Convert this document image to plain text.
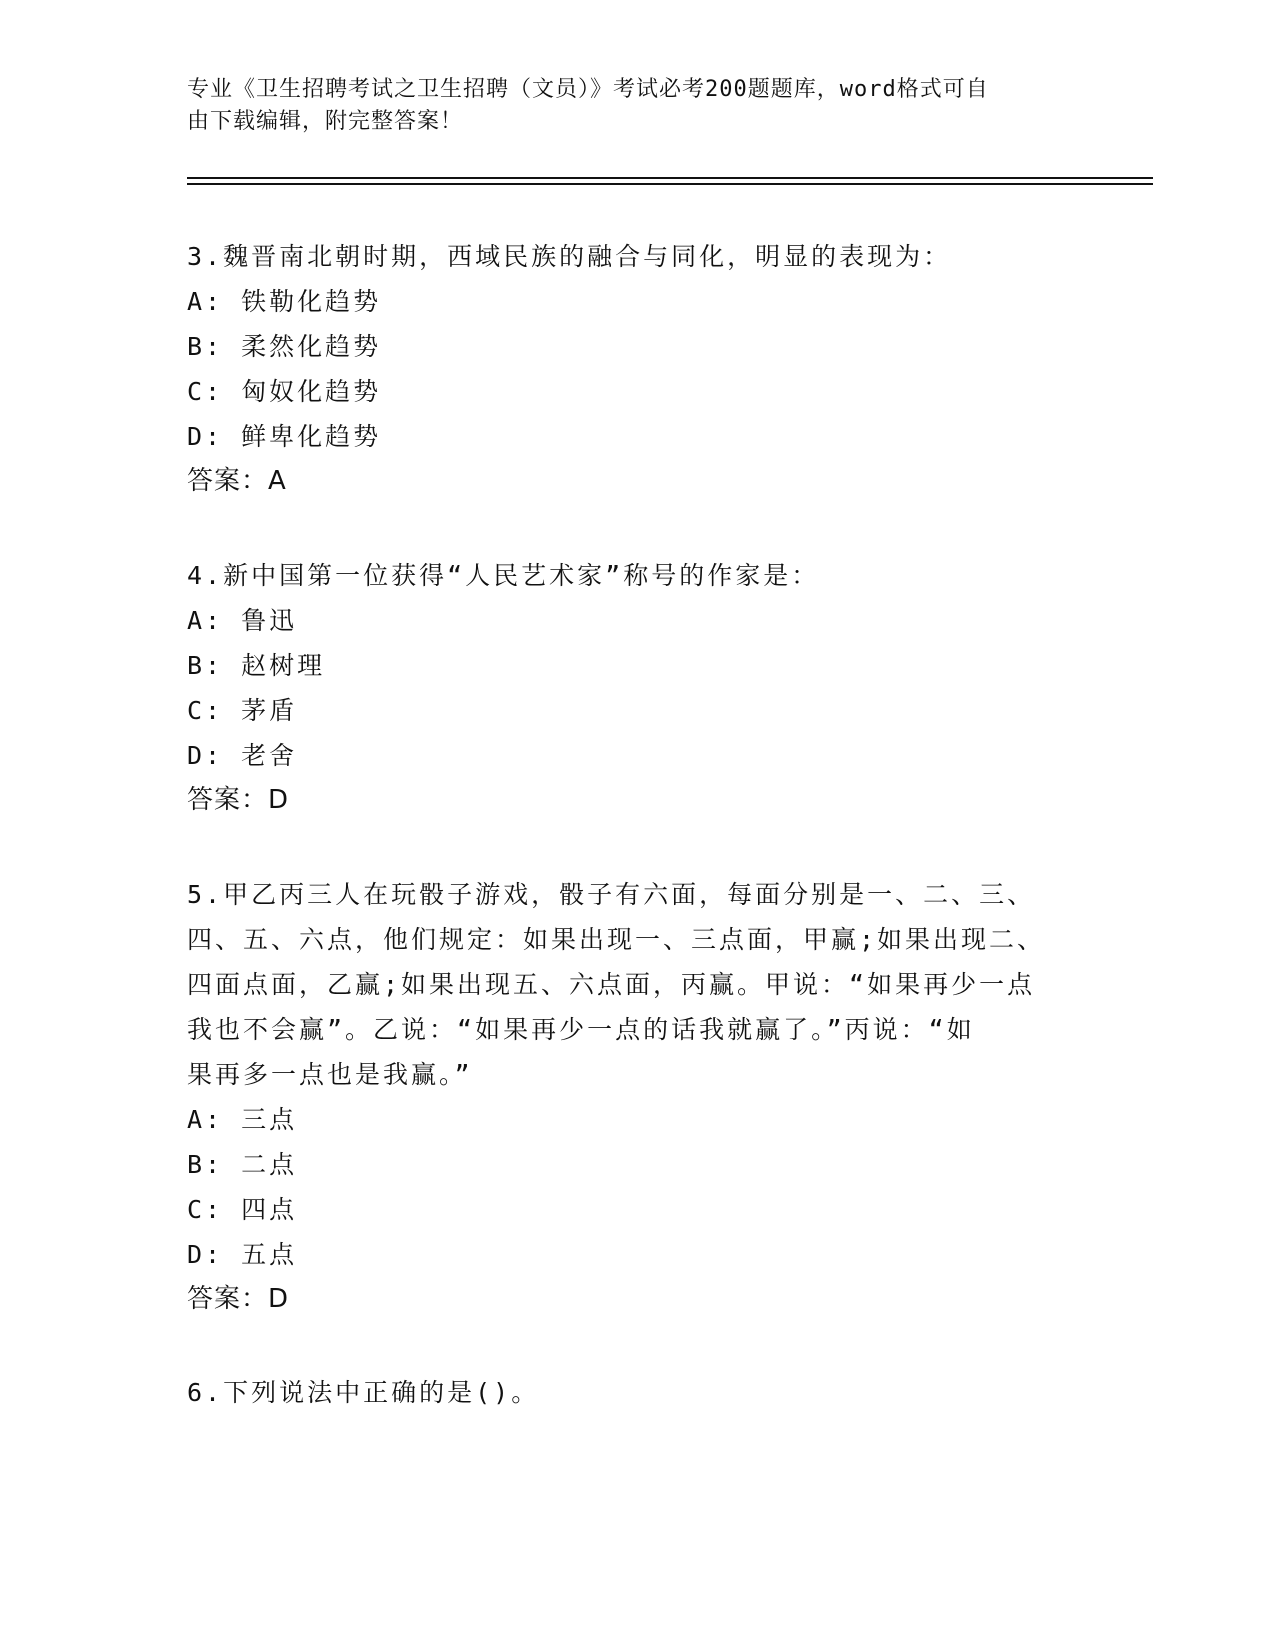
专业《卫生招聘考试之卫生招聘（文员）》考试必考200题题库，word格式可自
由下载编辑，附完整答案！
3.魏晋南北朝时期，西域民族的融合与同化，明显的表现为：
A: 铁勒化趋势
B: 柔然化趋势
C: 匈奴化趋势
D: 鲜卑化趋势
答案：A
4.新中国第一位获得“人民艺术家”称号的作家是：
A: 鲁迅
B: 赵树理
C: 茅盾
D: 老舍
答案：D
5.甲乙丙三人在玩骰子游戏，骰子有六面，每面分别是一、二、三、
四、五、六点，他们规定：如果出现一、三点面，甲赢;如果出现二、
四面点面，乙赢;如果出现五、六点面，丙赢。甲说：“如果再少一点
我也不会赢”。乙说：“如果再少一点的话我就赢了。”丙说：“如
果再多一点也是我赢。”
A: 三点
B: 二点
C: 四点
D: 五点
答案：D
6.下列说法中正确的是()。
